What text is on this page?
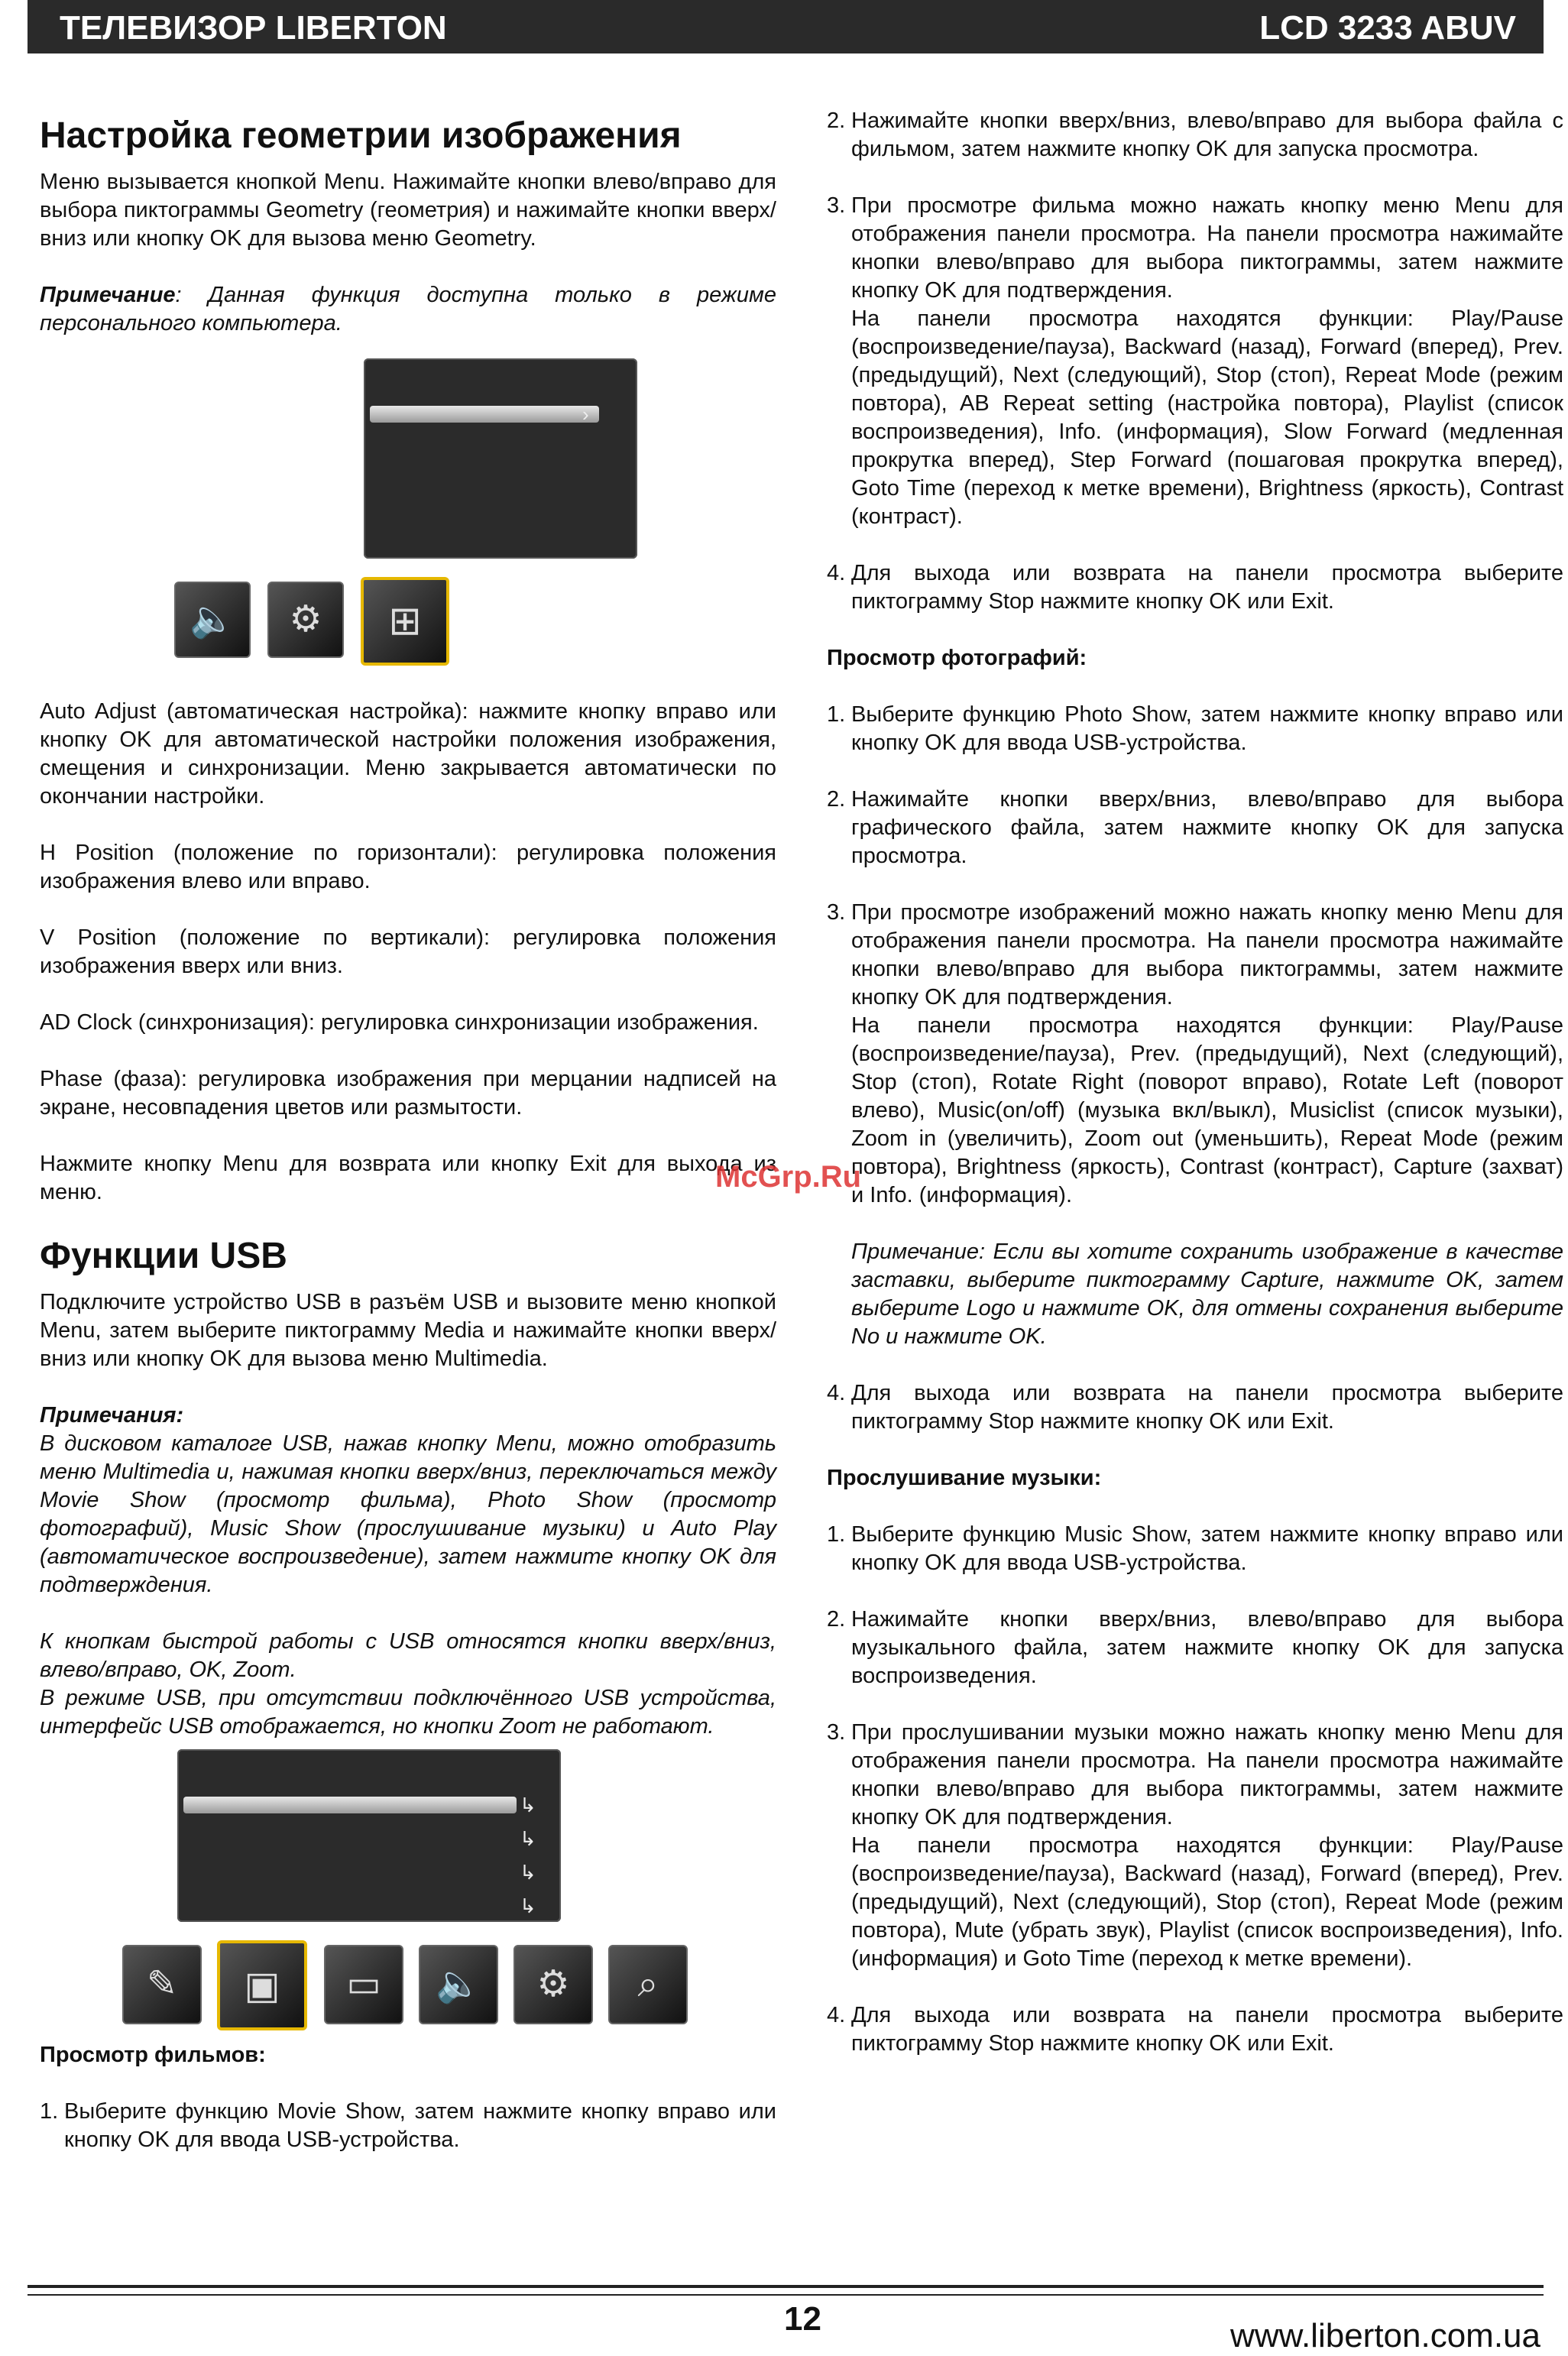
ТЕЛЕВИЗОР LIBERTON	LCD 3233 ABUV
Настройка геометрии изображения

Меню вызывается кнопкой Menu. Нажимайте кнопки влево/вправо для выбора пиктограммы Geometry (геометрия) и нажимайте кнопки вверх/вниз или кнопку OK для вызова меню Geometry.

Примечание: Данная функция доступна только в режиме персонального компьютера.

›
🔈	⚙	⊞

Auto Adjust (автоматическая настройка): нажмите кнопку вправо или кнопку OK для автоматической настройки положения изображения, смещения и синхронизации. Меню закрывается автоматически по окончании настройки.

H Position (положение по горизонтали): регулировка положения изображения влево или вправо.

V Position (положение по вертикали): регулировка положения изображения вверх или вниз.

AD Clock (синхронизация): регулировка синхронизации изображения.

Phase (фаза): регулировка изображения при мерцании надписей на экране, несовпадения цветов или размытости.

Нажмите кнопку Menu для возврата или кнопку Exit для выхода из меню.

Функции USB

Подключите устройство USB в разъём USB и вызовите меню кнопкой Menu, затем выберите пиктограмму Media и нажимайте кнопки вверх/вниз или кнопку OK для вызова меню Multimedia.

Примечания:
В дисковом каталоге USB, нажав кнопку Menu, можно отобразить меню Multimedia и, нажимая кнопки вверх/вниз, переключаться между Movie Show (просмотр фильма), Photo Show (просмотр фотографий), Music Show (прослушивание музыки) и Auto Play (автоматическое воспроизведение), затем нажмите кнопку OK для подтверждения.

К кнопкам быстрой работы с USB относятся кнопки вверх/вниз, влево/вправо, OK, Zoom.

В режиме USB, при отсутствии подключённого USB устройства, интерфейс USB отображается, но кнопки Zoom не работают.

↳
↳
↳
↳
✎	▣	▭	🔈	⚙	⌕
Просмотр фильмов:
1. Выберите функцию Movie Show, затем нажмите кнопку вправо или кнопку OK для ввода USB-устройства.
2. Нажимайте кнопки вверх/вниз, влево/вправо для выбора файла с фильмом, затем нажмите кнопку OK для запуска просмотра.
3. При просмотре фильма можно нажать кнопку меню Menu для отображения панели просмотра. На панели просмотра нажимайте кнопки влево/вправо для выбора пиктограммы, затем нажмите кнопку OK для подтверждения.
На панели просмотра находятся функции: Play/Pause (воспроизведение/пауза), Backward (назад), Forward (вперед), Prev. (предыдущий), Next (следующий), Stop (стоп), Repeat Mode (режим повтора), AB Repeat setting (настройка повтора), Playlist (список воспроизведения), Info. (информация), Slow Forward (медленная прокрутка вперед), Step Forward (пошаговая прокрутка вперед), Goto Time (переход к метке времени), Brightness (яркость), Contrast (контраст).
4. Для выхода или возврата на панели просмотра выберите пиктограмму Stop нажмите кнопку OK или Exit.
Просмотр фотографий:
1. Выберите функцию Photo Show, затем нажмите кнопку вправо или кнопку OK для ввода USB-устройства.
2. Нажимайте кнопки вверх/вниз, влево/вправо для выбора графического файла, затем нажмите кнопку OK для запуска просмотра.
3. При просмотре изображений можно нажать кнопку меню Menu для отображения панели просмотра. На панели просмотра нажимайте кнопки влево/вправо для выбора пиктограммы, затем нажмите кнопку OK для подтверждения.
На панели просмотра находятся функции: Play/Pause (воспроизведение/пауза), Prev. (предыдущий), Next (следующий), Stop (стоп), Rotate Right (поворот вправо), Rotate Left (поворот влево), Music(on/off) (музыка вкл/выкл), Musiclist (список музыки), Zoom in (увеличить), Zoom out (уменьшить), Repeat Mode (режим повтора), Brightness (яркость), Contrast (контраст), Capture (захват) и Info. (информация).

Примечание: Если вы хотите сохранить изображение в качестве заставки, выберите пиктограмму Capture, нажмите OK, затем выберите Logo и нажмите OK, для отмены сохранения выберите No и нажмите OK.
4. Для выхода или возврата на панели просмотра выберите пиктограмму Stop нажмите кнопку OK или Exit.
Прослушивание музыки:
1. Выберите функцию Music Show, затем нажмите кнопку вправо или кнопку OK для ввода USB-устройства.
2. Нажимайте кнопки вверх/вниз, влево/вправо для выбора музыкального файла, затем нажмите кнопку OK для запуска воспроизведения.
3. При прослушивании музыки можно нажать кнопку меню Menu для отображения панели просмотра. На панели просмотра нажимайте кнопки влево/вправо для выбора пиктограммы, затем нажмите кнопку OK для подтверждения.
На панели просмотра находятся функции: Play/Pause (воспроизведение/пауза), Backward (назад), Forward (вперед), Prev. (предыдущий), Next (следующий), Stop (стоп), Repeat Mode (режим повтора), Mute (убрать звук), Playlist (список воспроизведения), Info. (информация) и Goto Time (переход к метке времени).
4. Для выхода или возврата на панели просмотра выберите пиктограмму Stop нажмите кнопку OK или Exit.
McGrp.Ru
12	www.liberton.com.ua
